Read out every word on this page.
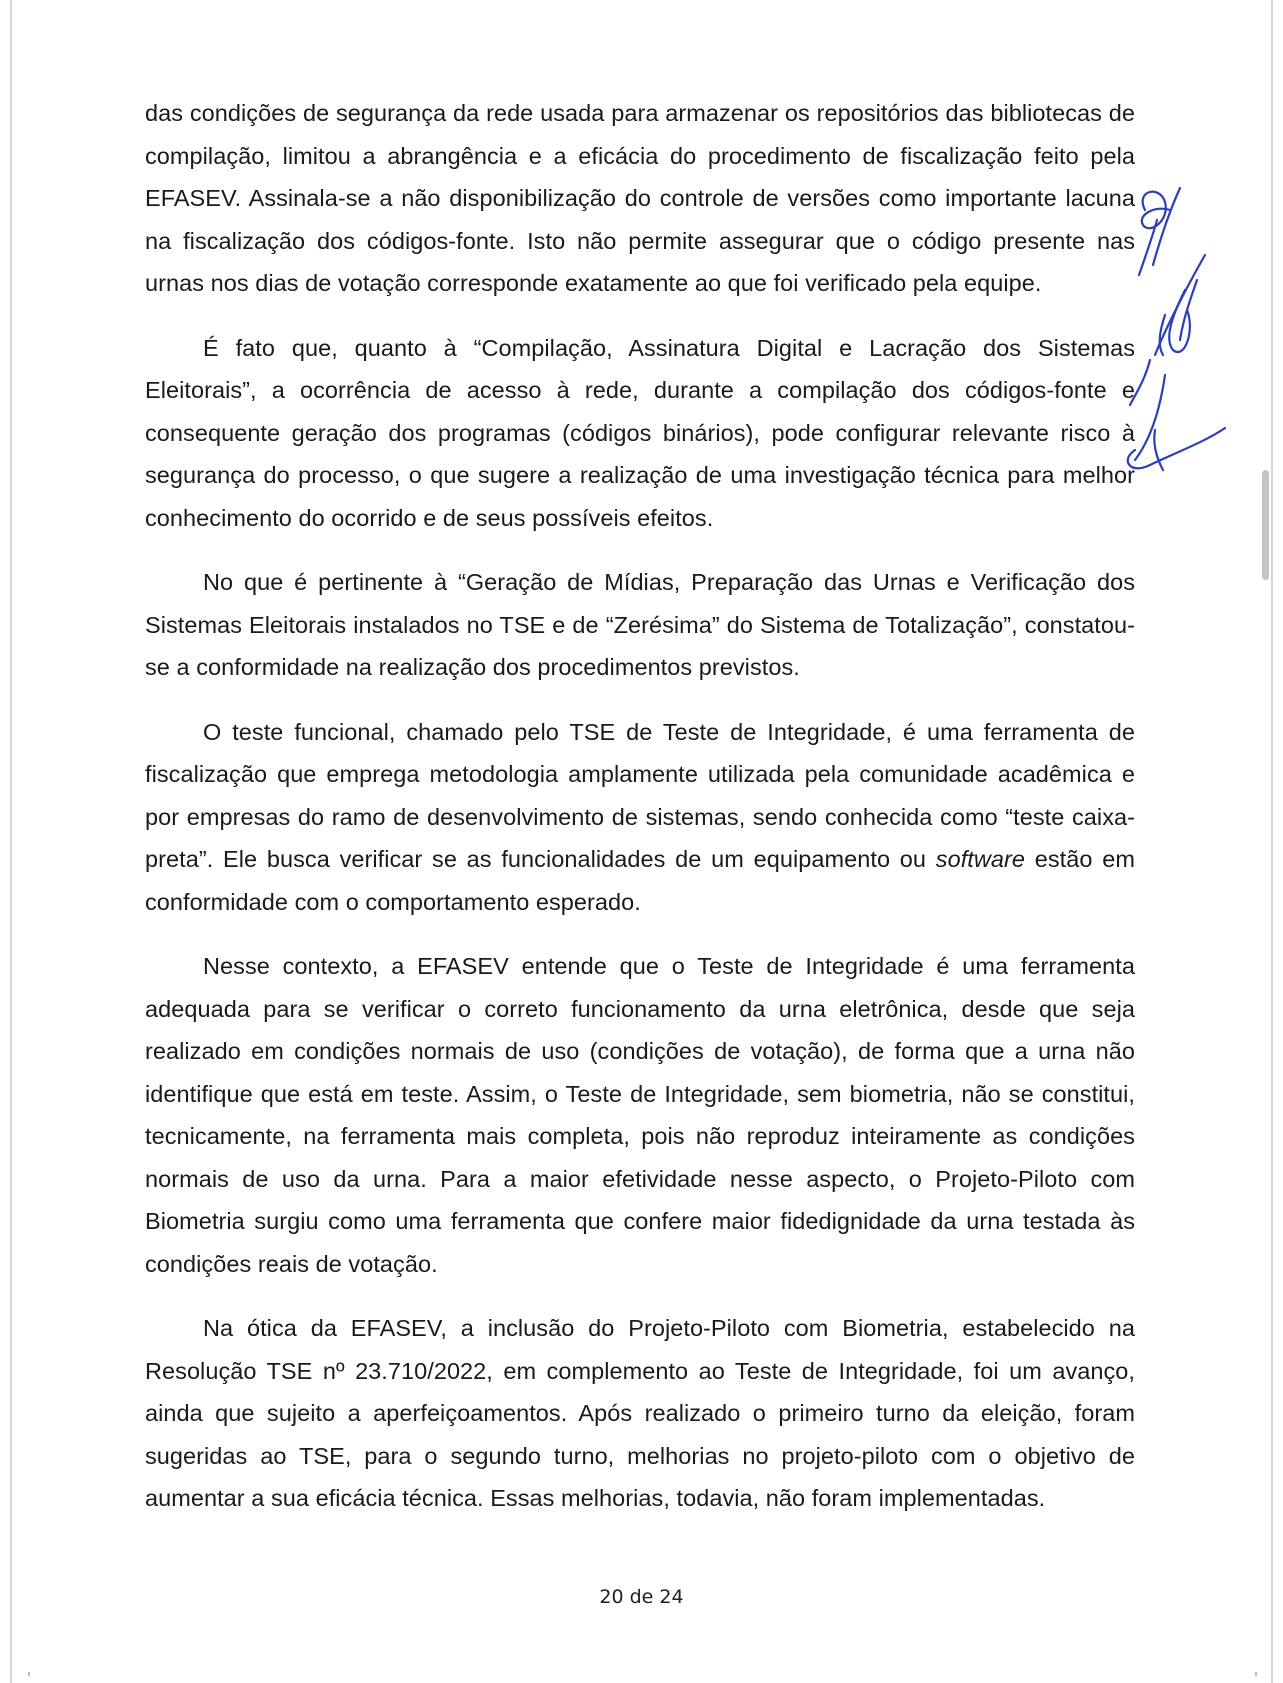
das condições de segurança da rede usada para armazenar os repositórios das bibliotecas de compilação, limitou a abrangência e a eficácia do procedimento de fiscalização feito pela EFASEV. Assinala-se a não disponibilização do controle de versões como importante lacuna na fiscalização dos códigos-fonte. Isto não permite assegurar que o código presente nas urnas nos dias de votação corresponde exatamente ao que foi verificado pela equipe.

É fato que, quanto à “Compilação, Assinatura Digital e Lacração dos Sistemas Eleitorais”, a ocorrência de acesso à rede, durante a compilação dos códigos-fonte e consequente geração dos programas (códigos binários), pode configurar relevante risco à segurança do processo, o que sugere a realização de uma investigação técnica para melhor conhecimento do ocorrido e de seus possíveis efeitos.

No que é pertinente à “Geração de Mídias, Preparação das Urnas e Verificação dos Sistemas Eleitorais instalados no TSE e de “Zerésima” do Sistema de Totalização”, constatou-se a conformidade na realização dos procedimentos previstos.

O teste funcional, chamado pelo TSE de Teste de Integridade, é uma ferramenta de fiscalização que emprega metodologia amplamente utilizada pela comunidade acadêmica e por empresas do ramo de desenvolvimento de sistemas, sendo conhecida como “teste caixa-preta”. Ele busca verificar se as funcionalidades de um equipamento ou software estão em conformidade com o comportamento esperado.

Nesse contexto, a EFASEV entende que o Teste de Integridade é uma ferramenta adequada para se verificar o correto funcionamento da urna eletrônica, desde que seja realizado em condições normais de uso (condições de votação), de forma que a urna não identifique que está em teste. Assim, o Teste de Integridade, sem biometria, não se constitui, tecnicamente, na ferramenta mais completa, pois não reproduz inteiramente as condições normais de uso da urna. Para a maior efetividade nesse aspecto, o Projeto-Piloto com Biometria surgiu como uma ferramenta que confere maior fidedignidade da urna testada às condições reais de votação.

Na ótica da EFASEV, a inclusão do Projeto-Piloto com Biometria, estabelecido na Resolução TSE nº 23.710/2022, em complemento ao Teste de Integridade, foi um avanço, ainda que sujeito a aperfeiçoamentos. Após realizado o primeiro turno da eleição, foram sugeridas ao TSE, para o segundo turno, melhorias no projeto-piloto com o objetivo de aumentar a sua eficácia técnica. Essas melhorias, todavia, não foram implementadas.

20 de 24
